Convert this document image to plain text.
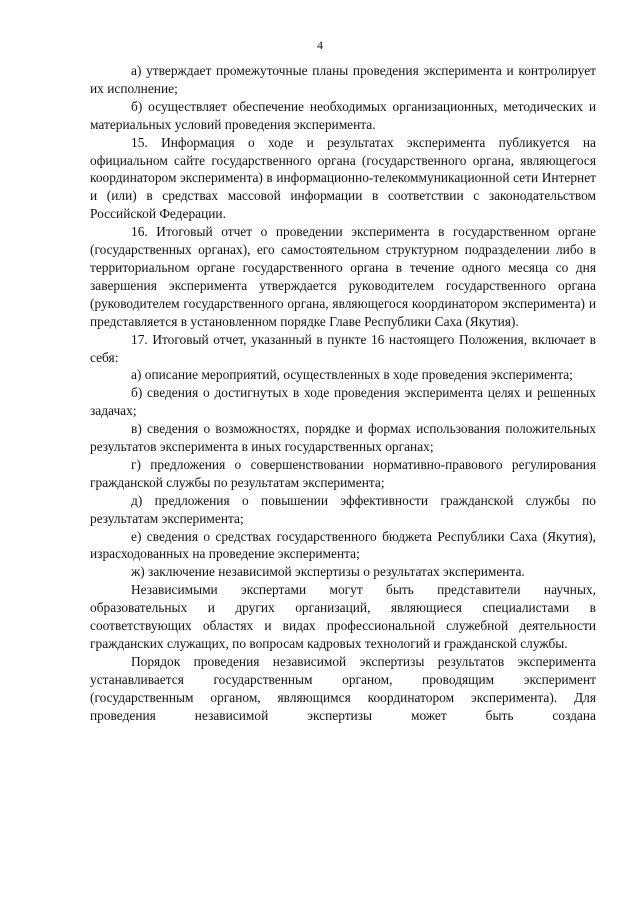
4

а) утверждает промежуточные планы проведения эксперимента и контролирует их исполнение;

б) осуществляет обеспечение необходимых организационных, методических и материальных условий проведения эксперимента.

15. Информация о ходе и результатах эксперимента публикуется на официальном сайте государственного органа (государственного органа, являющегося координатором эксперимента) в информационно-телекоммуникационной сети Интернет и (или) в средствах массовой информации в соответствии с законодательством Российской Федерации.

16. Итоговый отчет о проведении эксперимента в государственном органе (государственных органах), его самостоятельном структурном подразделении либо в территориальном органе государственного органа в течение одного месяца со дня завершения эксперимента утверждается руководителем государственного органа (руководителем государственного органа, являющегося координатором эксперимента) и представляется в установленном порядке Главе Республики Саха (Якутия).

17. Итоговый отчет, указанный в пункте 16 настоящего Положения, включает в себя:

а) описание мероприятий, осуществленных в ходе проведения эксперимента;

б) сведения о достигнутых в ходе проведения эксперимента целях и решенных задачах;

в) сведения о возможностях, порядке и формах использования положительных результатов эксперимента в иных государственных органах;

г) предложения о совершенствовании нормативно-правового регулирования гражданской службы по результатам эксперимента;

д) предложения о повышении эффективности гражданской службы по результатам эксперимента;

е) сведения о средствах государственного бюджета Республики Саха (Якутия), израсходованных на проведение эксперимента;

ж) заключение независимой экспертизы о результатах эксперимента.

Независимыми экспертами могут быть представители научных, образовательных и других организаций, являющиеся специалистами в соответствующих областях и видах профессиональной служебной деятельности гражданских служащих, по вопросам кадровых технологий и гражданской службы.

Порядок проведения независимой экспертизы результатов эксперимента устанавливается государственным органом, проводящим эксперимент (государственным органом, являющимся координатором эксперимента). Для проведения независимой экспертизы может быть создана
